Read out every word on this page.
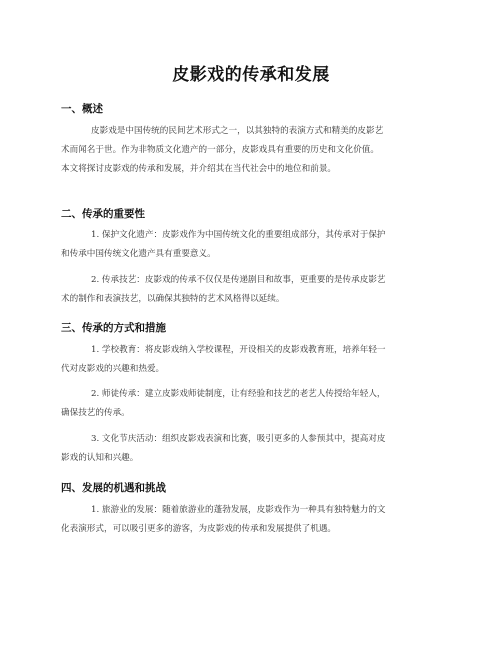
皮影戏的传承和发展
一、概述
皮影戏是中国传统的民间艺术形式之一，以其独特的表演方式和精美的皮影艺
术而闻名于世。作为非物质文化遗产的一部分，皮影戏具有重要的历史和文化价值。
本文将探讨皮影戏的传承和发展，并介绍其在当代社会中的地位和前景。
二、传承的重要性
1. 保护文化遗产：皮影戏作为中国传统文化的重要组成部分，其传承对于保护
和传承中国传统文化遗产具有重要意义。
2. 传承技艺：皮影戏的传承不仅仅是传递剧目和故事，更重要的是传承皮影艺
术的制作和表演技艺，以确保其独特的艺术风格得以延续。
三、传承的方式和措施
1. 学校教育：将皮影戏纳入学校课程，开设相关的皮影戏教育班，培养年轻一
代对皮影戏的兴趣和热爱。
2. 师徒传承：建立皮影戏师徒制度，让有经验和技艺的老艺人传授给年轻人，
确保技艺的传承。
3. 文化节庆活动：组织皮影戏表演和比赛，吸引更多的人参预其中，提高对皮
影戏的认知和兴趣。
四、发展的机遇和挑战
1. 旅游业的发展：随着旅游业的蓬勃发展，皮影戏作为一种具有独特魅力的文
化表演形式，可以吸引更多的游客，为皮影戏的传承和发展提供了机遇。
